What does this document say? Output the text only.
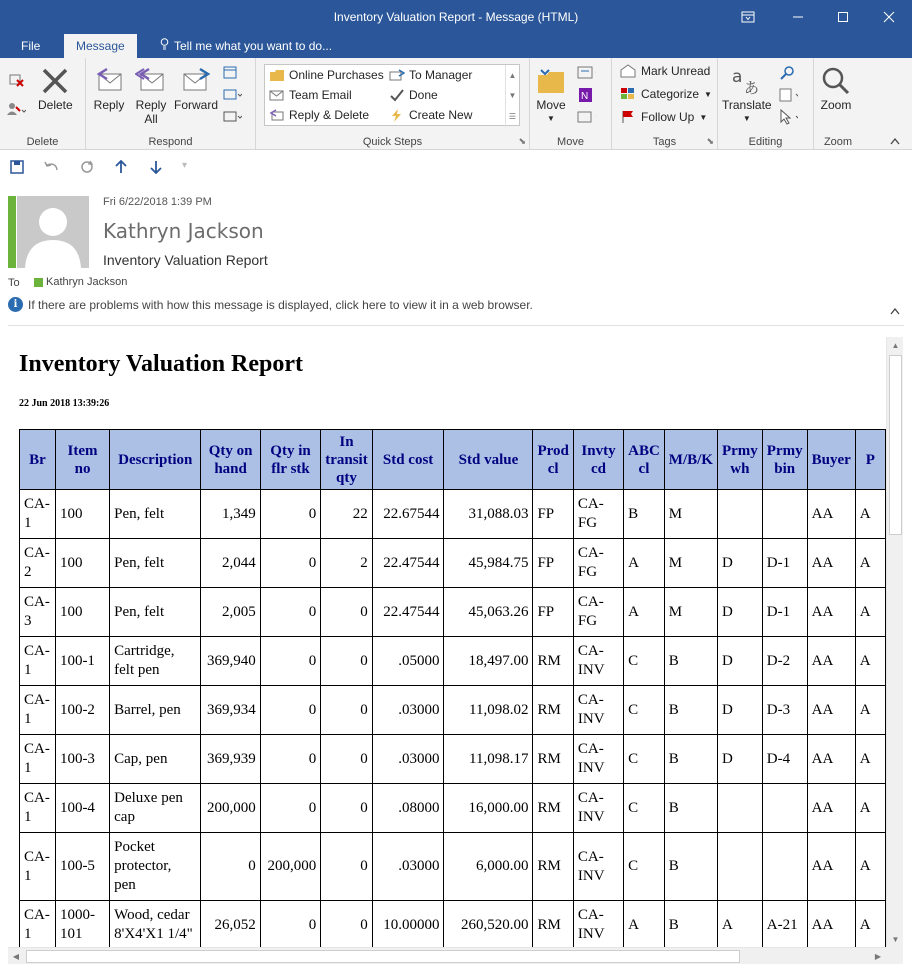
Inventory Valuation Report - Message (HTML)
File	Message	Tell me what you want to do...
Delete
Delete
Reply Reply
All
Forward
Respond	Quick Steps	⬊
Online Purchases
Team Email
Reply & Delete
To Manager
Done
Create New
▲
▼
☰
Move
▼
N
Move
Mark Unread
Categorize ▼
Follow Up ▼
Tags	⬊
a
あ
Translate
▼
Editing
Zoom
Zoom
▾
Fri 6/22/2018 1:39 PM
Kathryn Jackson
Inventory Valuation Report
To Kathryn Jackson
i If there are problems with how this message is displayed, click here to view it in a web browser.
Inventory Valuation Report
22 Jun 2018 13:39:26
Br	Item no	Description	Qty on hand	Qty in flr stk	In transit qty	Std cost	Std value	Prod cl	Invty cd	ABC cl	M/B/K	Prmy wh	Prmy bin	Buyer	P
CA-1	100	Pen, felt	1,349	0	22	22.67544	31,088.03	FP	CA-FG	B	M			AA	A
CA-2	100	Pen, felt	2,044	0	2	22.47544	45,984.75	FP	CA-FG	A	M	D	D-1	AA	A
CA-3	100	Pen, felt	2,005	0	0	22.47544	45,063.26	FP	CA-FG	A	M	D	D-1	AA	A
CA-1	100-1	Cartridge, felt pen	369,940	0	0	.05000	18,497.00	RM	CA-INV	C	B	D	D-2	AA	A
CA-1	100-2	Barrel, pen	369,934	0	0	.03000	11,098.02	RM	CA-INV	C	B	D	D-3	AA	A
CA-1	100-3	Cap, pen	369,939	0	0	.03000	11,098.17	RM	CA-INV	C	B	D	D-4	AA	A
CA-1	100-4	Deluxe pen cap	200,000	0	0	.08000	16,000.00	RM	CA-INV	C	B			AA	A
CA-1	100-5	Pocket protector, pen	0	200,000	0	.03000	6,000.00	RM	CA-INV	C	B			AA	A
CA-1	1000-101	Wood, cedar 8'X4'X1 1/4"	26,052	0	0	10.00000	260,520.00	RM	CA-INV	A	B	A	A-21	AA	A
▲
▼
◀	▶
